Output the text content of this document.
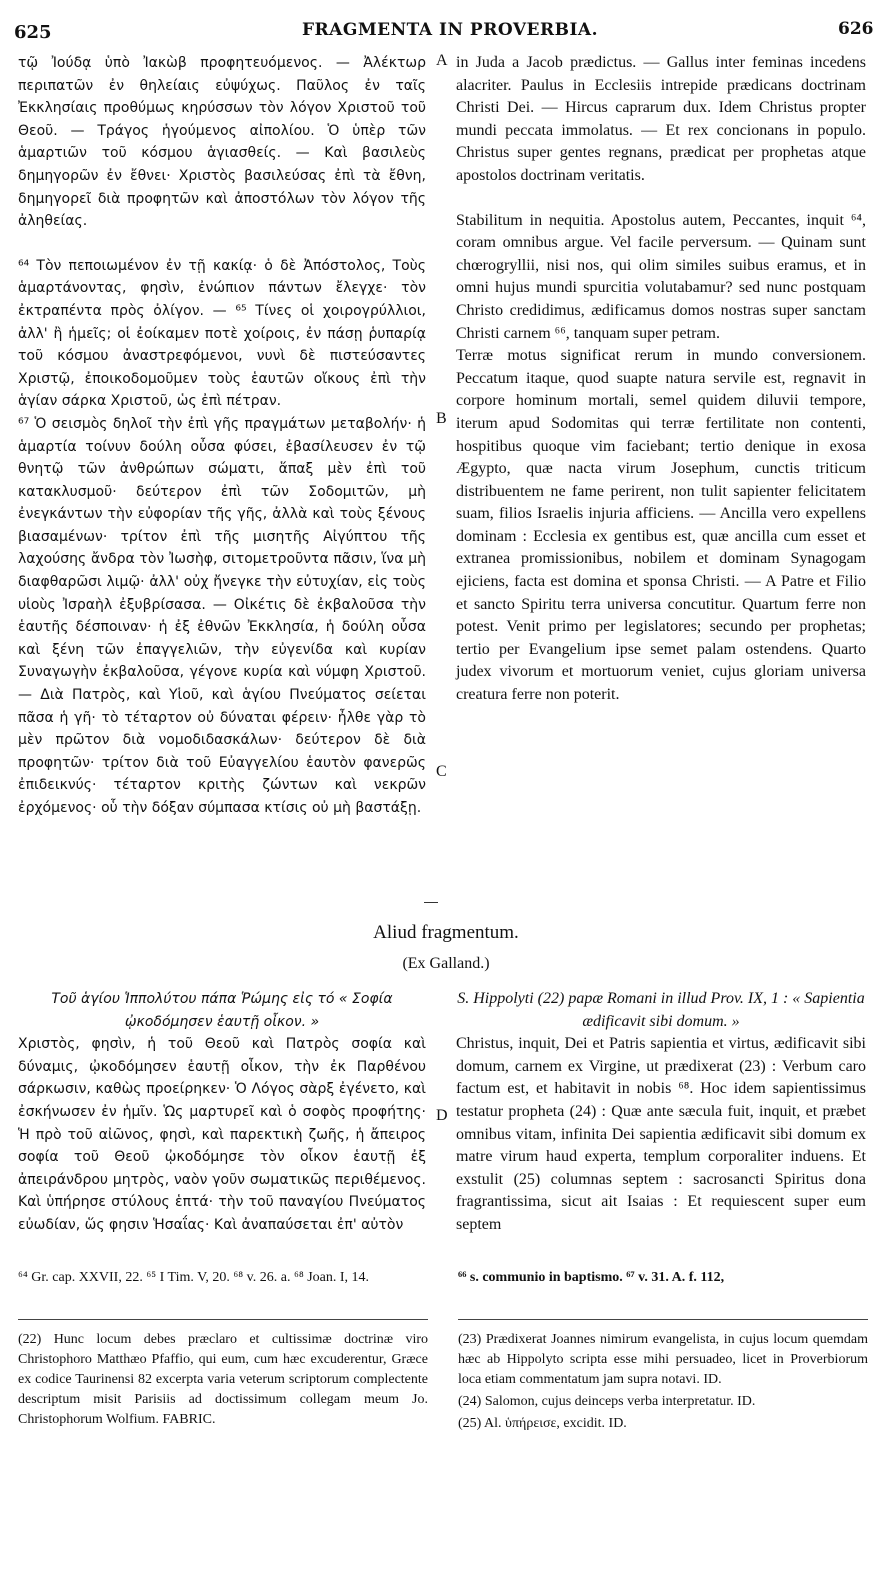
625	FRAGMENTA IN PROVERBIA.	626

τῷ Ἰούδᾳ ὑπὸ Ἰακὼβ προφητευόμενος. — Ἀλέκτωρ περιπατῶν ἐν θηλείαις εὐψύχως. Παῦλος ἐν ταῖς Ἐκκλησίαις προθύμως κηρύσσων τὸν λόγον Χριστοῦ τοῦ Θεοῦ. — Τράγος ἡγούμενος αἰπολίου. Ὁ ὑπὲρ τῶν ἁμαρτιῶν τοῦ κόσμου ἁγιασθείς. — Καὶ βασιλεὺς δημηγορῶν ἐν ἔθνει· Χριστὸς βασιλεύσας ἐπὶ τὰ ἔθνη, δημηγορεῖ διὰ προφητῶν καὶ ἀποστόλων τὸν λόγον τῆς ἀληθείας.

⁶⁴ Τὸν πεποιωμένον ἐν τῇ κακίᾳ· ὁ δὲ Ἀπόστολος, Τοὺς ἁμαρτάνοντας, φησὶν, ἐνώπιον πάντων ἔλεγχε· τὸν ἐκτραπέντα πρὸς ὀλίγον. — ⁶⁵ Τίνες οἱ χοιρογρύλλιοι, ἀλλ' ἢ ἡμεῖς; οἱ ἐοίκαμεν ποτὲ χοίροις, ἐν πάσῃ ῥυπαρίᾳ τοῦ κόσμου ἀναστρεφόμενοι, νυνὶ δὲ πιστεύσαντες Χριστῷ, ἐποικοδομοῦμεν τοὺς ἑαυτῶν οἴκους ἐπὶ τὴν ἁγίαν σάρκα Χριστοῦ, ὡς ἐπὶ πέτραν.

⁶⁷ Ὁ σεισμὸς δηλοῖ τὴν ἐπὶ γῆς πραγμάτων μεταβολήν· ἡ ἁμαρτία τοίνυν δούλη οὖσα φύσει, ἐβασίλευσεν ἐν τῷ θνητῷ τῶν ἀνθρώπων σώματι, ἅπαξ μὲν ἐπὶ τοῦ κατακλυσμοῦ· δεύτερον ἐπὶ τῶν Σοδομιτῶν, μὴ ἐνεγκάντων τὴν εὐφορίαν τῆς γῆς, ἀλλὰ καὶ τοὺς ξένους βιασαμένων· τρίτον ἐπὶ τῆς μισητῆς Αἰγύπτου τῆς λαχούσης ἄνδρα τὸν Ἰωσὴφ, σιτομετροῦντα πᾶσιν, ἵνα μὴ διαφθαρῶσι λιμῷ· ἀλλ' οὐχ ἤνεγκε τὴν εὐτυχίαν, εἰς τοὺς υἱοὺς Ἰσραὴλ ἐξυβρίσασα. — Οἰκέτις δὲ ἐκβαλοῦσα τὴν ἑαυτῆς δέσποιναν· ἡ ἐξ ἐθνῶν Ἐκκλησία, ἡ δούλη οὖσα καὶ ξένη τῶν ἐπαγγελιῶν, τὴν εὐγενίδα καὶ κυρίαν Συναγωγὴν ἐκβαλοῦσα, γέγονε κυρία καὶ νύμφη Χριστοῦ. — Διὰ Πατρὸς, καὶ Υἱοῦ, καὶ ἁγίου Πνεύματος σείεται πᾶσα ἡ γῆ· τὸ τέταρτον οὐ δύναται φέρειν· ἦλθε γὰρ τὸ μὲν πρῶτον διὰ νομοδιδασκάλων· δεύτερον δὲ διὰ προφητῶν· τρίτον διὰ τοῦ Εὐαγγελίου ἑαυτὸν φανερῶς ἐπιδεικνύς· τέταρτον κριτὴς ζώντων καὶ νεκρῶν ἐρχόμενος· οὗ τὴν δόξαν σύμπασα κτίσις οὐ μὴ βαστάξῃ.

A
B
C
D

in Juda a Jacob prædictus. — Gallus inter feminas incedens alacriter. Paulus in Ecclesiis intrepide prædicans doctrinam Christi Dei. — Hircus caprarum dux. Idem Christus propter mundi peccata immolatus. — Et rex concionans in populo. Christus super gentes regnans, prædicat per prophetas atque apostolos doctrinam veritatis.

Stabilitum in nequitia. Apostolus autem, Peccantes, inquit ⁶⁴, coram omnibus argue. Vel facile perversum. — Quinam sunt chœrogryllii, nisi nos, qui olim similes suibus eramus, et in omni hujus mundi spurcitia volutabamur? sed nunc postquam Christo credidimus, ædificamus domos nostras super sanctam Christi carnem ⁶⁶, tanquam super petram.

Terræ motus significat rerum in mundo conversionem. Peccatum itaque, quod suapte natura servile est, regnavit in corpore hominum mortali, semel quidem diluvii tempore, iterum apud Sodomitas qui terræ fertilitate non contenti, hospitibus quoque vim faciebant; tertio denique in exosa Ægypto, quæ nacta virum Josephum, cunctis triticum distribuentem ne fame perirent, non tulit sapienter felicitatem suam, filios Israelis injuria afficiens. — Ancilla vero expellens dominam : Ecclesia ex gentibus est, quæ ancilla cum esset et extranea promissionibus, nobilem et dominam Synagogam ejiciens, facta est domina et sponsa Christi. — A Patre et Filio et sancto Spiritu terra universa concutitur. Quartum ferre non potest. Venit primo per legislatores; secundo per prophetas; tertio per Evangelium ipse semet palam ostendens. Quarto judex vivorum et mortuorum veniet, cujus gloriam universa creatura ferre non poterit.

Aliud fragmentum.
(Ex Galland.)

Τοῦ ἁγίου Ἱππολύτου πάπα Ῥώμης εἰς τό « Σοφία ᾠκοδόμησεν ἑαυτῇ οἶκον. »

Χριστὸς, φησὶν, ἡ τοῦ Θεοῦ καὶ Πατρὸς σοφία καὶ δύναμις, ᾠκοδόμησεν ἑαυτῇ οἶκον, τὴν ἐκ Παρθένου σάρκωσιν, καθὼς προείρηκεν· Ὁ Λόγος σὰρξ ἐγένετο, καὶ ἐσκήνωσεν ἐν ἡμῖν. Ὡς μαρτυρεῖ καὶ ὁ σοφὸς προφήτης· Ἡ πρὸ τοῦ αἰῶνος, φησὶ, καὶ παρεκτικὴ ζωῆς, ἡ ἄπειρος σοφία τοῦ Θεοῦ ᾠκοδόμησε τὸν οἶκον ἑαυτῇ ἐξ ἀπειράνδρου μητρὸς, ναὸν γοῦν σωματικῶς περιθέμενος. Καὶ ὑπήρησε στύλους ἑπτά· τὴν τοῦ παναγίου Πνεύματος εὐωδίαν, ὥς φησιν Ἡσαΐας· Καὶ ἀναπαύσεται ἐπ' αὐτὸν

S. Hippolyti (22) papæ Romani in illud Prov. IX, 1 : « Sapientia ædificavit sibi domum. »

Christus, inquit, Dei et Patris sapientia et virtus, ædificavit sibi domum, carnem ex Virgine, ut prædixerat (23) : Verbum caro factum est, et habitavit in nobis ⁶⁸. Hoc idem sapientissimus testatur propheta (24) : Quæ ante sæcula fuit, inquit, et præbet omnibus vitam, infinita Dei sapientia ædificavit sibi domum ex matre virum haud experta, templum corporaliter induens. Et exstulit (25) columnas septem : sacrosancti Spiritus dona fragrantissima, sicut ait Isaias : Et requiescent super eum septem

⁶⁴ Gr. cap. XXVII, 22. ⁶⁵ I Tim. V, 20. ⁶⁸ v. 26. a. ⁶⁸ Joan. I, 14.	⁶⁶ s. communio in baptismo. ⁶⁷ v. 31. A. f. 112,

(22) Hunc locum debes præclaro et cultissimæ doctrinæ viro Christophoro Matthæo Pfaffio, qui eum, cum hæc excuderentur, Græce ex codice Taurinensi 82 excerpta varia veterum scriptorum complectente descriptum misit Parisiis ad doctissimum collegam meum Jo. Christophorum Wolfium. FABRIC.

(23) Prædixerat Joannes nimirum evangelista, in cujus locum quemdam hæc ab Hippolyto scripta esse mihi persuadeo, licet in Proverbiorum loca etiam commentatum jam supra notavi. ID.

(24) Salomon, cujus deinceps verba interpretatur. ID.

(25) Al. ὑπήρεισε, excidit. ID.
